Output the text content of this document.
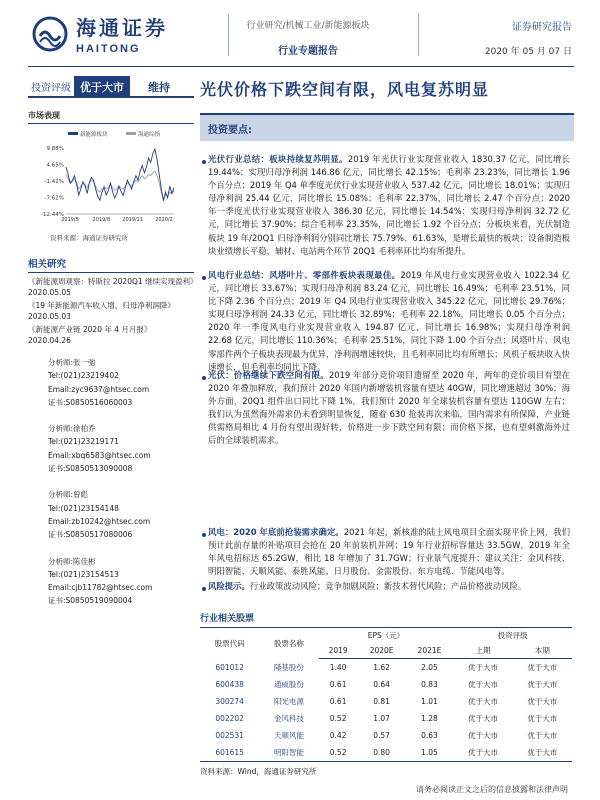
海通证券
HAITONG
行业研究/机械工业/新能源板块
行业专题报告
证券研究报告
2020 年 05 月 07 日
投资评级 优于大市	维持 光伏价格下跌空间有限，风电复苏明显
市场表现
新能源板块	海通综指
9.88%
4.65%
-1.42%
-7.62%
-12.44%
2019/5	2019/8 2019/11 2020/2
资料来源：海通证券研究所
相关研究
《新能源周观察：特斯拉 2020Q1 继续实现盈利》
2020.05.05
《19 年新能源汽车收入增，归母净利润降》
2020.05.03
《新能源产业链 2020 年 4 月月报》
2020.04.26
分析师:张一弛
Tel:(021)23219402
Email:zyc9637@htsec.com
证书:S0850516060003
分析师:徐柏乔
Tel:(021)23219171
Email:xbq6583@htsec.com
证书:S0850513090008
分析师:曾彪
Tel:(021)23154148
Email:zb10242@htsec.com
证书:S0850517080006
分析师:陈佳彬
Tel:(021)23154513
Email:cjb11782@htsec.com
证书:S0850519090004
投资要点:
光伏行业总结：板块持续复苏明显。2019 年光伏行业实现营业收入 1830.37 亿元，同比增长 19.44%；实现归母净利润 146.86 亿元，同比增长 42.15%；毛利率 23.23%，同比增长 1.96 个百分点；2019 年 Q4 单季度光伏行业实现营业收入 537.42 亿元，同比增长 18.01%；实现归母净利润 25.44 亿元，同比增长 15.08%；毛利率 22.37%，同比增长 2.47 个百分点；2020 年一季度光伏行业实现营业收入 386.30 亿元，同比增长 14.54%；实现归母净利润 32.72 亿元，同比增长 37.90%；综合毛利率 23.35%，同比增长 1.92 个百分点；分板块来看，光伏制造板块 19 年/20Q1 归母净利润分别同比增长 75.79%、61.63%，是增长最快的板块；设备制造板块业绩增长平稳，辅材、电站两个环节 20Q1 毛利率环比均有所提升。
风电行业总结：风塔叶片、零部件板块表现最佳。2019 年风电行业实现营业收入 1022.34 亿元，同比增长 33.67%；实现归母净利润 83.24 亿元，同比增长 16.49%；毛利率 23.51%，同比下降 2.36 个百分点；2019 年 Q4 风电行业实现营业收入 345.22 亿元，同比增长 29.76%；实现归母净利润 24.33 亿元，同比增长 32.89%；毛利率 22.18%，同比增长 0.05 个百分点；2020 年一季度风电行业实现营业收入 194.87 亿元，同比增长 16.98%；实现归母净利润 22.68 亿元，同比增长 110.36%；毛利率 25.51%，同比下降 1.00 个百分点；风塔叶片、风电零部件两个子板块表现最为优异，净利润增速较快，且毛利率同比均有所增长；风机子板块收入快速增长，但毛利率均同比下降。
光伏：价格继续下跌空间有限。2019 年部分竞价项目遗留至 2020 年，两年的竞价项目有望在 2020 年叠加释放，我们预计 2020 年国内新增装机容量有望达 40GW，同比增速超过 30%；海外方面，20Q1 组件出口同比下降 1%，我们预计 2020 年全球装机容量有望达 110GW 左右；我们认为虽然海外需求仍未看到明显恢复，随着 630 抢装再次来临，国内需求有所保障，产业链供需格局相比 4 月份有望出现好转，价格进一步下跌空间有限；而价格下探，也有望刺激海外过后的全球装机需求。
风电：2020 年底前抢装需求确定。2021 年起，新核准的陆上风电项目全面实现平价上网，我们预计此前存量的补贴项目会抢在 20 年前装机并网；19 年行业招标容量达 33.5GW，2019 年全年风电招标达 65.2GW，相比 18 年增加了 31.7GW；行业景气度提升；建议关注：金风科技、明阳智能、天顺风能、泰胜风能、日月股份、金雷股份、东方电缆、节能风电等。
风险提示。行业政策波动风险；竞争加剧风险；新技术替代风险；产品价格波动风险。
行业相关股票
股票代码	股票名称	EPS（元）			投资评级	
		2019	2020E	2021E	上期	本期
601012	隆基股份	1.40	1.62	2.05	优于大市	优于大市
600438	通威股份	0.61	0.64	0.83	优于大市	优于大市
300274	阳光电源	0.61	0.81	1.01	优于大市	优于大市
002202	金风科技	0.52	1.07	1.28	优于大市	优于大市
002531	天顺风能	0.42	0.57	0.63	优于大市	优于大市
601615	明阳智能	0.52	0.80	1.05	优于大市	优于大市
资料来源：Wind，海通证券研究所
请务必阅读正文之后的信息披露和法律声明
